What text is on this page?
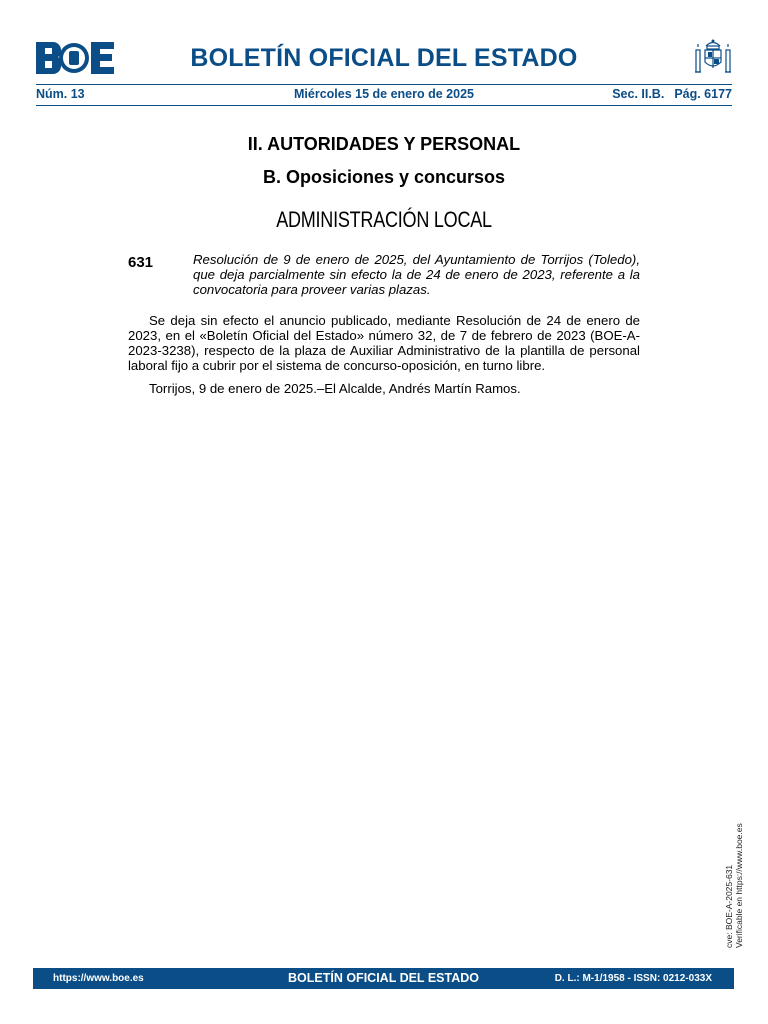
BOLETÍN OFICIAL DEL ESTADO
Núm. 13	Miércoles 15 de enero de 2025	Sec. II.B. Pág. 6177
II. AUTORIDADES Y PERSONAL
B. Oposiciones y concursos
ADMINISTRACIÓN LOCAL
631	Resolución de 9 de enero de 2025, del Ayuntamiento de Torrijos (Toledo), que deja parcialmente sin efecto la de 24 de enero de 2023, referente a la convocatoria para proveer varias plazas.
Se deja sin efecto el anuncio publicado, mediante Resolución de 24 de enero de 2023, en el «Boletín Oficial del Estado» número 32, de 7 de febrero de 2023 (BOE-A-2023-3238), respecto de la plaza de Auxiliar Administrativo de la plantilla de personal laboral fijo a cubrir por el sistema de concurso-oposición, en turno libre.
Torrijos, 9 de enero de 2025.–El Alcalde, Andrés Martín Ramos.
cve: BOE-A-2025-631 Verificable en https://www.boe.es
https://www.boe.es	BOLETÍN OFICIAL DEL ESTADO	D. L.: M-1/1958 - ISSN: 0212-033X
